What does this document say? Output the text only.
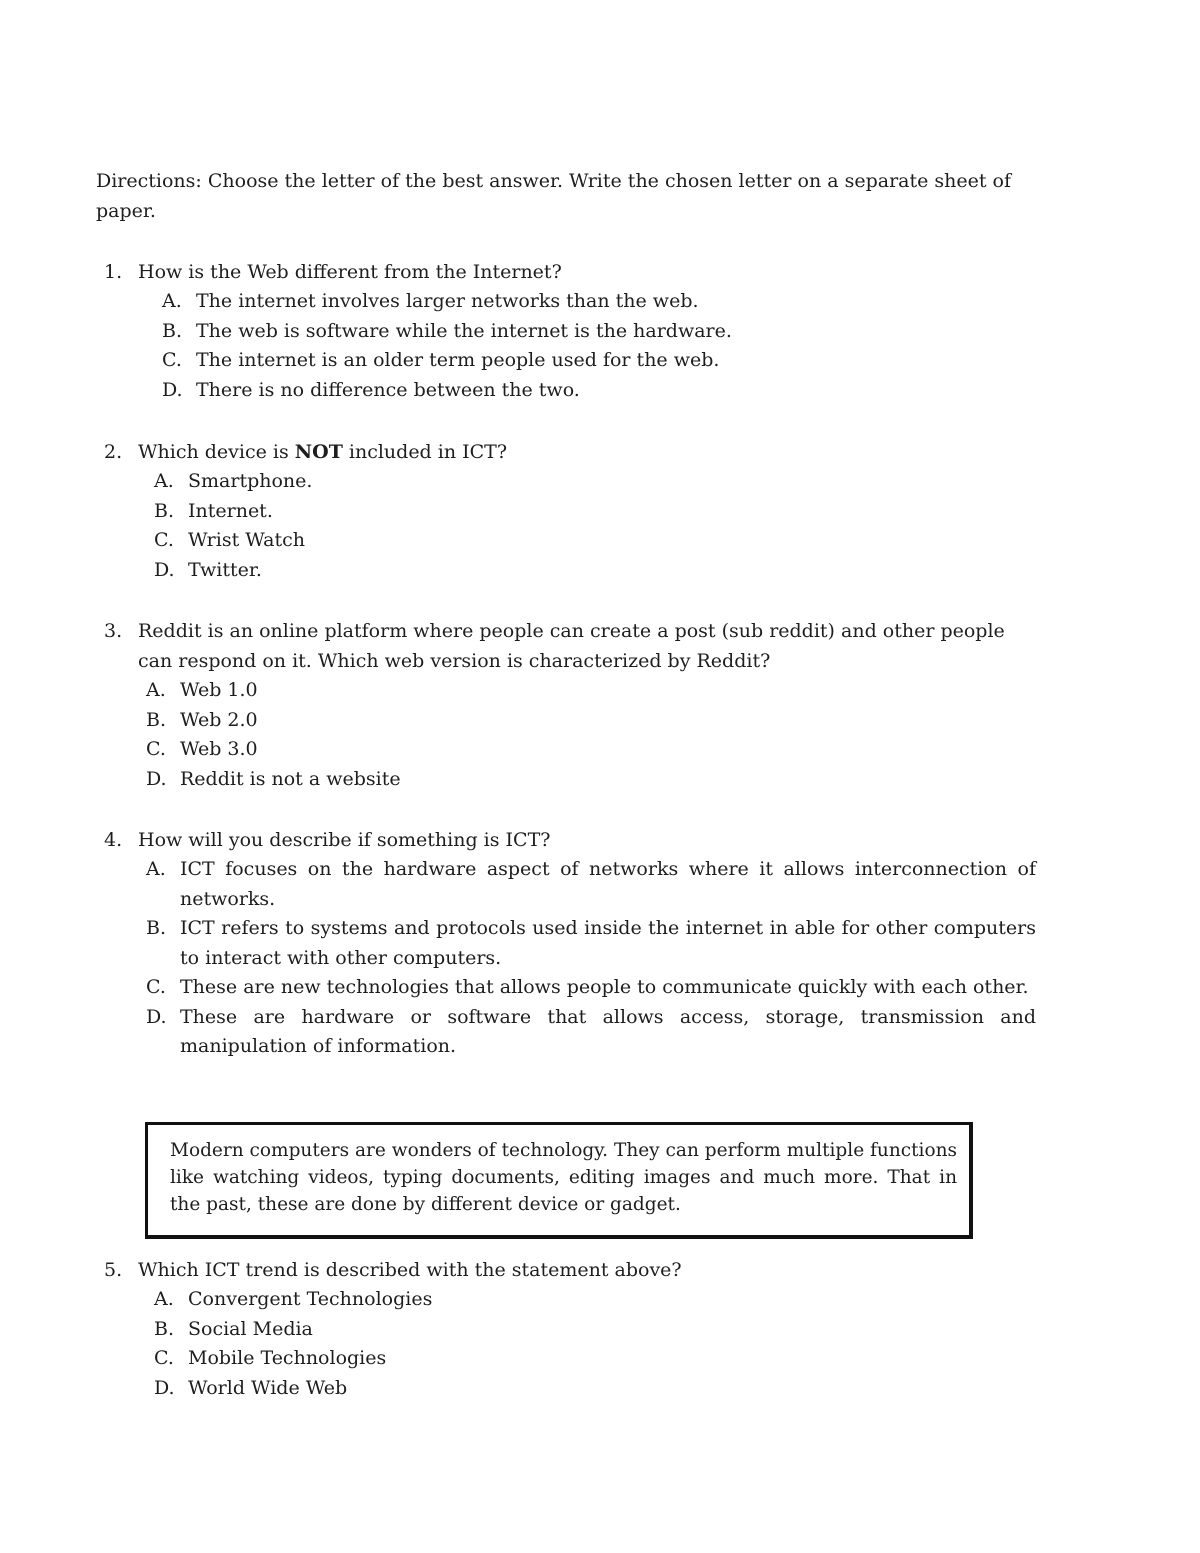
Directions: Choose the letter of the best answer. Write the chosen letter on a separate sheet of paper.

1. How is the Web different from the Internet?
A. The internet involves larger networks than the web.
B. The web is software while the internet is the hardware.
C. The internet is an older term people used for the web.
D. There is no difference between the two.
2. Which device is NOT included in ICT?
A. Smartphone.
B. Internet.
C. Wrist Watch
D. Twitter.
3. Reddit is an online platform where people can create a post (sub reddit) and other people
can respond on it. Which web version is characterized by Reddit?
A. Web 1.0
B. Web 2.0
C. Web 3.0
D. Reddit is not a website
4. How will you describe if something is ICT?
A. ICT focuses on the hardware aspect of networks where it allows interconnection of networks.
B. ICT refers to systems and protocols used inside the internet in able for other computers to interact with other computers.
C. These are new technologies that allows people to communicate quickly with each other.
D. These are hardware or software that allows access, storage, transmission and manipulation of information.
Modern computers are wonders of technology. They can perform multiple functions like watching videos, typing documents, editing images and much more. That in the past, these are done by different device or gadget.
5. Which ICT trend is described with the statement above?
A. Convergent Technologies
B. Social Media
C. Mobile Technologies
D. World Wide Web
